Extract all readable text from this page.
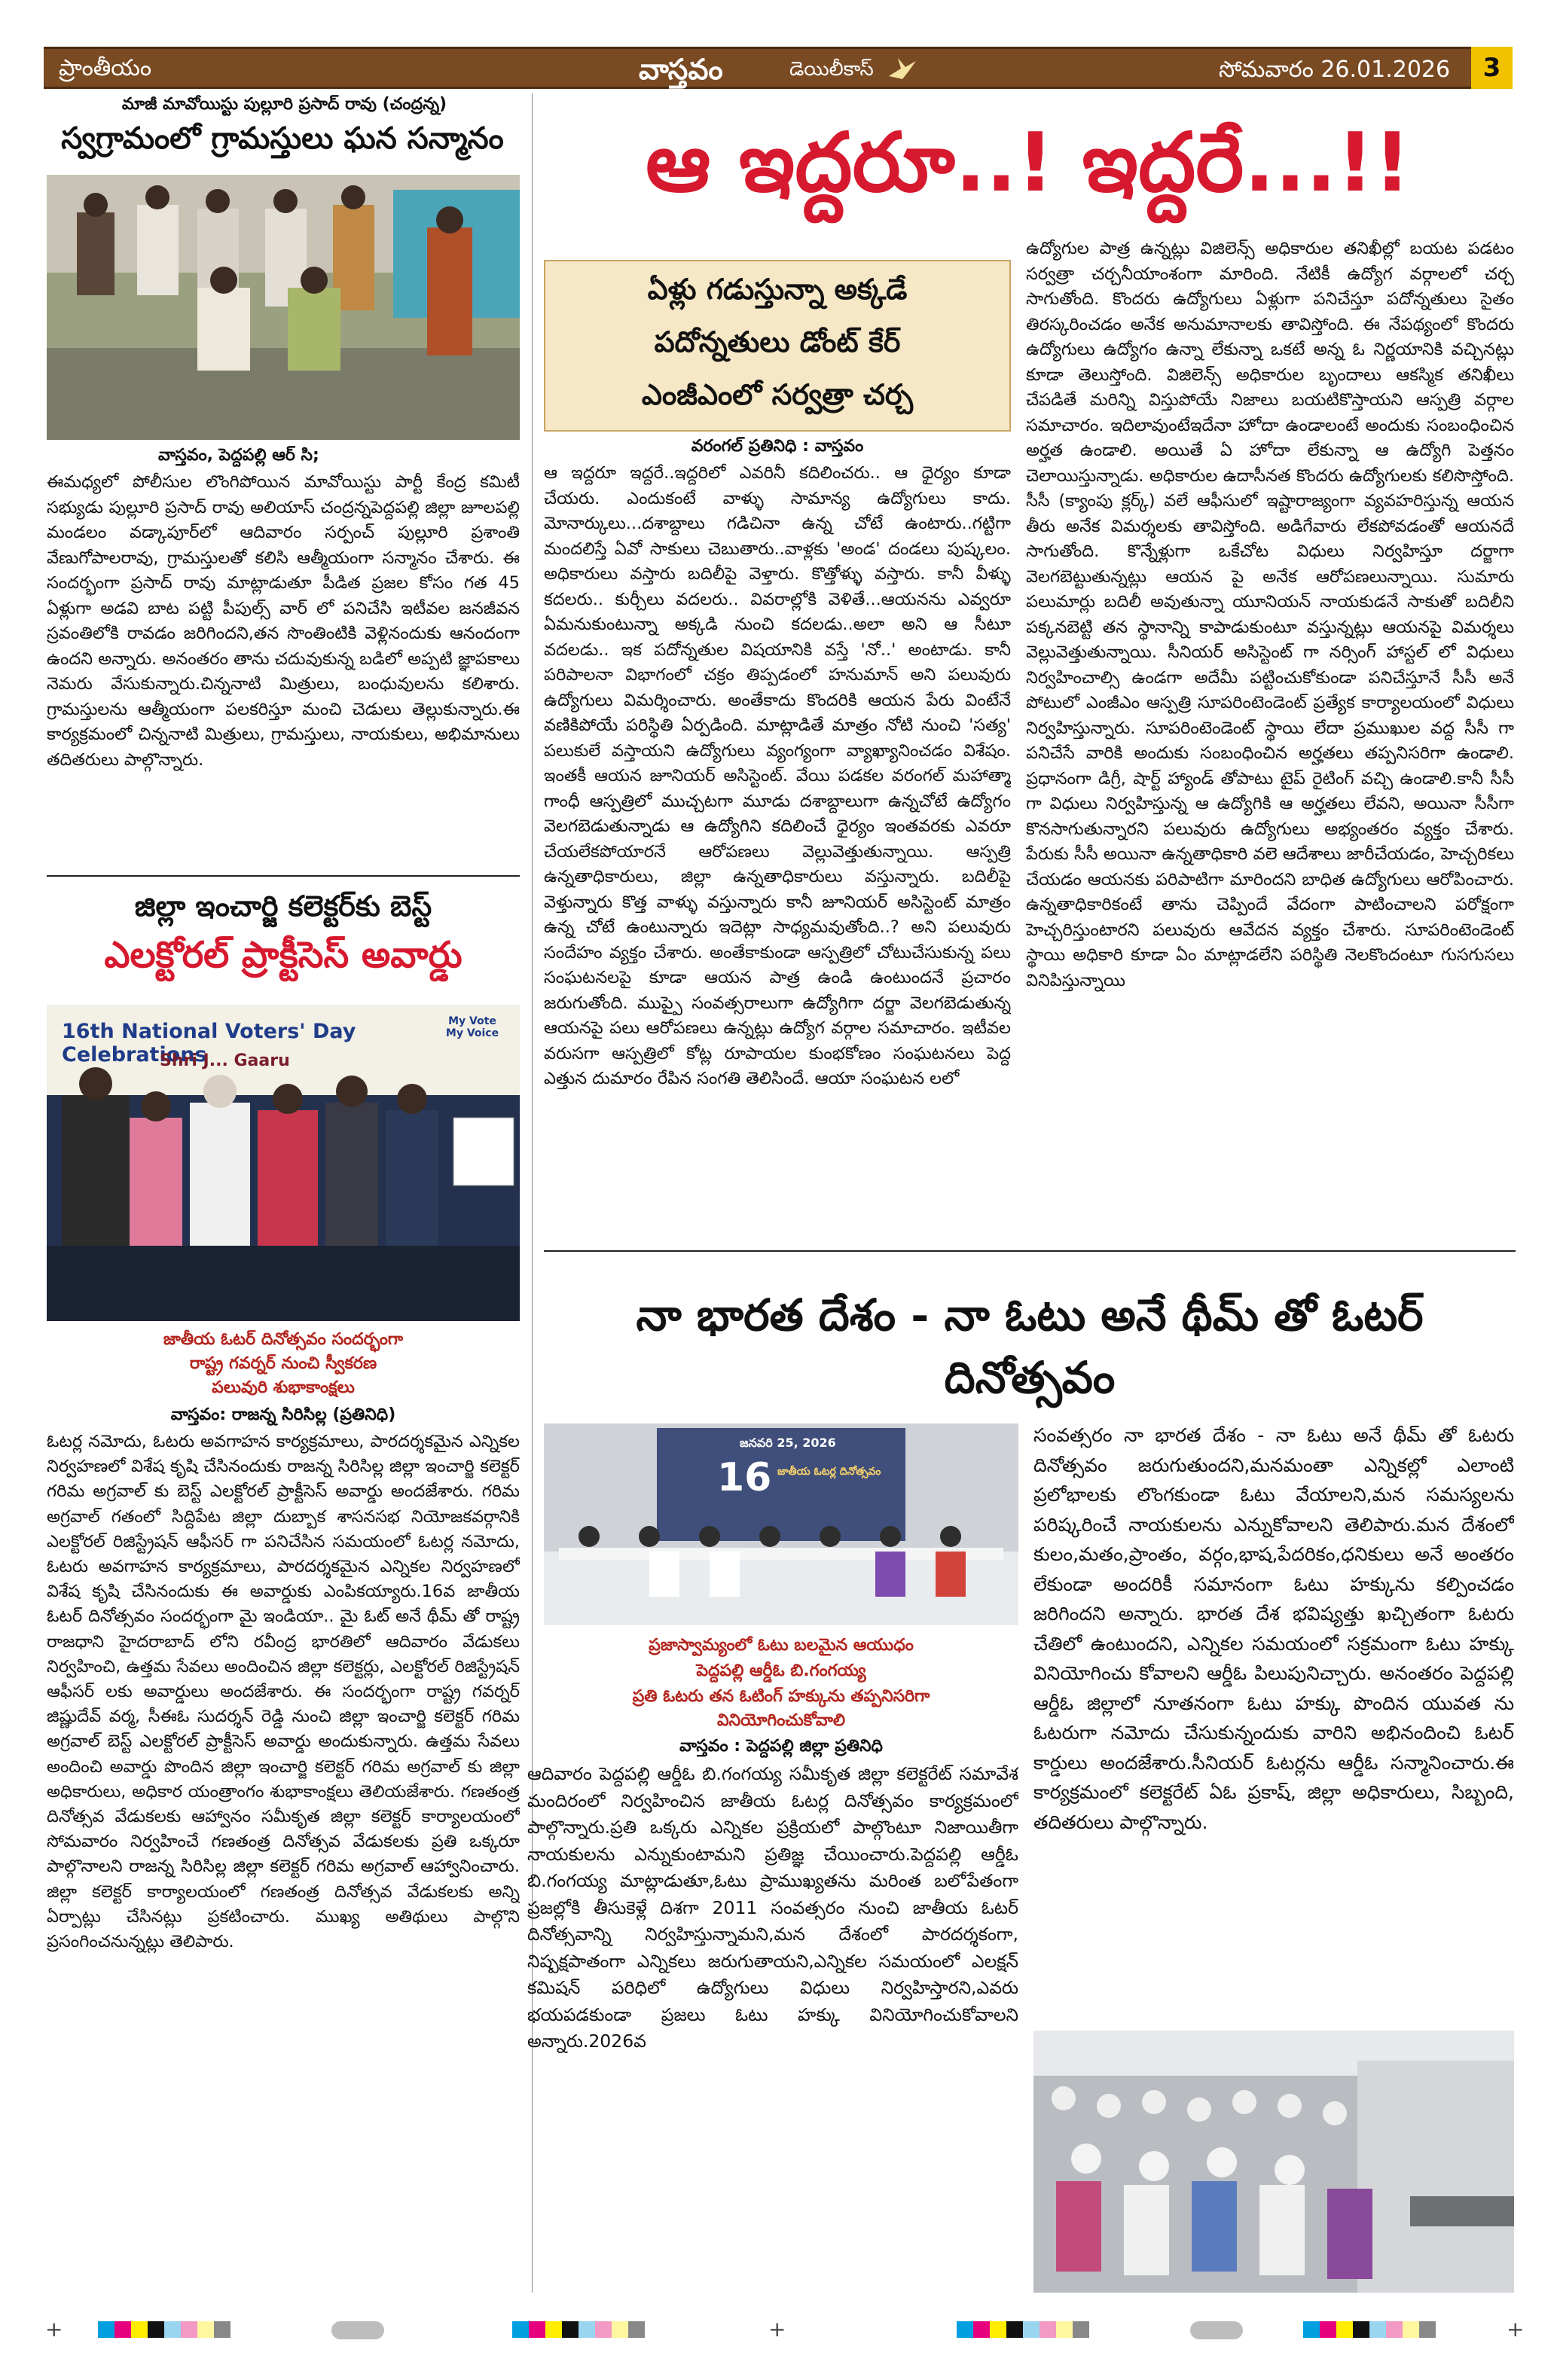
ప్రాంతీయం	వాస్తవం	డెయిలీకాస్	సోమవారం 26.01.2026	3
మాజీ మావోయిస్టు పుల్లూరి ప్రసాద్ రావు (చంద్రన్న)
స్వగ్రామంలో గ్రామస్తులు ఘన సన్మానం
వాస్తవం, పెద్దపల్లి ఆర్ సి;
ఈమధ్యలో పోలీసుల లొంగిపోయిన మావోయిస్టు పార్టీ కేంద్ర కమిటీ సభ్యుడు పుల్లూరి ప్రసాద్ రావు అలియాస్ చంద్రన్నపెద్దపల్లి జిల్లా జూలపల్లి మండలం వడ్కాపూర్‌లో ఆదివారం సర్పంచ్ పుల్లూరి ప్రశాంతి వేణుగోపాలరావు, గ్రామస్తులతో కలిసి ఆత్మీయంగా సన్మానం చేశారు. ఈ సందర్భంగా ప్రసాద్ రావు మాట్లాడుతూ పీడిత ప్రజల కోసం గత 45 ఏళ్లుగా అడవి బాట పట్టి పీపుల్స్ వార్ లో పనిచేసి ఇటీవల జనజీవన స్రవంతిలోకి రావడం జరిగిందని,తన సొంతింటికి వెళ్లినందుకు ఆనందంగా ఉందని అన్నారు. అనంతరం తాను చదువుకున్న బడిలో అప్పటి జ్ఞాపకాలు నెమరు వేసుకున్నారు.చిన్ననాటి మిత్రులు, బంధువులను కలిశారు. గ్రామస్తులను ఆత్మీయంగా పలకరిస్తూ మంచి చెడులు తెల్లుకున్నారు.ఈ కార్యక్రమంలో చిన్ననాటి మిత్రులు, గ్రామస్తులు, నాయకులు, అభిమానులు తదితరులు పాల్గొన్నారు.
జిల్లా ఇంచార్జి కలెక్టర్‌కు బెస్ట్
ఎలక్టోరల్ ప్రాక్టీసెస్ అవార్డు
16th National Voters' Day Celebrations
Shri J... Gaaru
My Vote My Voice
జాతీయ ఓటర్ దినోత్సవం సందర్భంగా
రాష్ట్ర గవర్నర్ నుంచి స్వీకరణ
పలువురి శుభాకాంక్షలు
వాస్తవం: రాజన్న సిరిసిల్ల (ప్రతినిధి)
ఓటర్ల నమోదు, ఓటరు అవగాహన కార్యక్రమాలు, పారదర్శకమైన ఎన్నికల నిర్వహణలో విశేష కృషి చేసినందుకు రాజన్న సిరిసిల్ల జిల్లా ఇంచార్జి కలెక్టర్ గరిమ అగ్రవాల్ కు బెస్ట్ ఎలక్టోరల్ ప్రాక్టీసెస్ అవార్డు అందజేశారు. గరిమ అగ్రవాల్ గతంలో సిద్దిపేట జిల్లా దుబ్బాక శాసనసభ నియోజకవర్గానికి ఎలక్టోరల్ రిజిస్ట్రేషన్ ఆఫీసర్ గా పనిచేసిన సమయంలో ఓటర్ల నమోదు, ఓటరు అవగాహన కార్యక్రమాలు, పారదర్శకమైన ఎన్నికల నిర్వహణలో విశేష కృషి చేసినందుకు ఈ అవార్డుకు ఎంపికయ్యారు.16వ జాతీయ ఓటర్ దినోత్సవం సందర్భంగా మై ఇండియా.. మై ఓట్ అనే థీమ్ తో రాష్ట్ర రాజధాని హైదరాబాద్ లోని రవీంద్ర భారతిలో ఆదివారం వేడుకలు నిర్వహించి, ఉత్తమ సేవలు అందించిన జిల్లా కలెక్టర్లు, ఎలక్టోరల్ రిజిస్ట్రేషన్ ఆఫీసర్ లకు అవార్డులు అందజేశారు. ఈ సందర్భంగా రాష్ట్ర గవర్నర్ జిష్ణుదేవ్ వర్మ, సీఈఓ సుదర్శన్ రెడ్డి నుంచి జిల్లా ఇంచార్జి కలెక్టర్ గరిమ అగ్రవాల్ బెస్ట్ ఎలక్టోరల్ ప్రాక్టీసెస్ అవార్డు అందుకున్నారు. ఉత్తమ సేవలు అందించి అవార్డు పొందిన జిల్లా ఇంచార్జి కలెక్టర్ గరిమ అగ్రవాల్ కు జిల్లా అధికారులు, అధికార యంత్రాంగం శుభాకాంక్షలు తెలియజేశారు. గణతంత్ర దినోత్సవ వేడుకలకు ఆహ్వానం సమీకృత జిల్లా కలెక్టర్ కార్యాలయంలో సోమవారం నిర్వహించే గణతంత్ర దినోత్సవ వేడుకలకు ప్రతి ఒక్కరూ పాల్గొనాలని రాజన్న సిరిసిల్ల జిల్లా కలెక్టర్ గరిమ అగ్రవాల్ ఆహ్వానించారు. జిల్లా కలెక్టర్ కార్యాలయంలో గణతంత్ర దినోత్సవ వేడుకలకు అన్ని ఏర్పాట్లు చేసినట్లు ప్రకటించారు. ముఖ్య అతిథులు పాల్గొని ప్రసంగించనున్నట్లు తెలిపారు.
ఆ ఇద్దరూ..! ఇద్దరే...!!
ఏళ్లు గడుస్తున్నా అక్కడే
పదోన్నతులు డోంట్ కేర్
ఎంజీఎంలో సర్వత్రా చర్చ
వరంగల్ ప్రతినిధి : వాస్తవం
ఆ ఇద్దరూ ఇద్దరే..ఇద్దరిలో ఎవరినీ కదిలించరు.. ఆ ధైర్యం కూడా చేయరు. ఎందుకంటే వాళ్ళు సామాన్య ఉద్యోగులు కాదు. మోనార్కులు...దశాబ్దాలు గడిచినా ఉన్న చోటే ఉంటారు..గట్టిగా మందలిస్తే ఏవో సాకులు చెబుతారు..వాళ్లకు 'అండ' దండలు పుష్కలం. అధికారులు వస్తారు బదిలీపై వెళ్తారు. కొత్తోళ్ళు వస్తారు. కానీ వీళ్ళు కదలరు.. కుర్చీలు వదలరు.. వివరాల్లోకి వెళితే...ఆయనను ఎవ్వరూ ఏమనుకుంటున్నా అక్కడి నుంచి కదలడు..అలా అని ఆ సీటూ వదలడు.. ఇక పదోన్నతుల విషయానికి వస్తే 'నో..' అంటాడు. కానీ పరిపాలనా విభాగంలో చక్రం తిప్పడంలో హనుమాన్ అని పలువురు ఉద్యోగులు విమర్శించారు. అంతేకాదు కొందరికి ఆయన పేరు వింటేనే వణికిపోయే పరిస్థితి ఏర్పడింది. మాట్లాడితే మాత్రం నోటి నుంచి 'సత్య' పలుకులే వస్తాయని ఉద్యోగులు వ్యంగ్యంగా వ్యాఖ్యానించడం విశేషం. ఇంతకీ ఆయన జూనియర్ అసిస్టెంట్. వేయి పడకల వరంగల్ మహాత్మా గాంధీ ఆస్పత్రిలో ముచ్చటగా మూడు దశాబ్దాలుగా ఉన్నచోటే ఉద్యోగం వెలగబెడుతున్నాడు ఆ ఉద్యోగిని కదిలించే ధైర్యం ఇంతవరకు ఎవరూ చేయలేకపోయారనే ఆరోపణలు వెల్లువెత్తుతున్నాయి. ఆస్పత్రి ఉన్నతాధికారులు, జిల్లా ఉన్నతాధికారులు వస్తున్నారు. బదిలీపై వెళ్తున్నారు కొత్త వాళ్ళు వస్తున్నారు కానీ జూనియర్ అసిస్టెంట్ మాత్రం ఉన్న చోటే ఉంటున్నారు ఇదెట్లా సాధ్యమవుతోంది..? అని పలువురు సందేహం వ్యక్తం చేశారు. అంతేకాకుండా ఆస్పత్రిలో చోటుచేసుకున్న పలు సంఘటనలపై కూడా ఆయన పాత్ర ఉండి ఉంటుందనే ప్రచారం జరుగుతోంది. ముప్పై సంవత్సరాలుగా ఉద్యోగిగా దర్జా వెలగబెడుతున్న ఆయనపై పలు ఆరోపణలు ఉన్నట్లు ఉద్యోగ వర్గాల సమాచారం. ఇటీవల వరుసగా ఆస్పత్రిలో కోట్ల రూపాయల కుంభకోణం సంఘటనలు పెద్ద ఎత్తున దుమారం రేపిన సంగతి తెలిసిందే. ఆయా సంఘటన లలో
ఉద్యోగుల పాత్ర ఉన్నట్లు విజిలెన్స్ అధికారుల తనిఖీల్లో బయట పడటం సర్వత్రా చర్చనీయాంశంగా మారింది. నేటికీ ఉద్యోగ వర్గాలలో చర్చ సాగుతోంది. కొందరు ఉద్యోగులు ఏళ్లుగా పనిచేస్తూ పదోన్నతులు సైతం తిరస్కరించడం అనేక అనుమానాలకు తావిస్తోంది. ఈ నేపథ్యంలో కొందరు ఉద్యోగులు ఉద్యోగం ఉన్నా లేకున్నా ఒకటే అన్న ఓ నిర్ణయానికి వచ్చినట్లు కూడా తెలుస్తోంది. విజిలెన్స్ అధికారుల బృందాలు ఆకస్మిక తనిఖీలు చేపడితే మరిన్ని విస్తుపోయే నిజాలు బయటికొస్తాయని ఆస్పత్రి వర్గాల సమాచారం. ఇదిలావుంటేఇదేనా హోదా ఉండాలంటే అందుకు సంబంధించిన అర్హత ఉండాలి. అయితే ఏ హోదా లేకున్నా ఆ ఉద్యోగి పెత్తనం చెలాయిస్తున్నాడు. అధికారుల ఉదాసీనత కొందరు ఉద్యోగులకు కలిసొస్తోంది. సీసీ (క్యాంపు క్లర్క్) వలే ఆఫీసులో ఇష్టారాజ్యంగా వ్యవహరిస్తున్న ఆయన తీరు అనేక విమర్శలకు తావిస్తోంది. అడిగేవారు లేకపోవడంతో ఆయనదే సాగుతోంది. కొన్నేళ్లుగా ఒకేచోట విధులు నిర్వహిస్తూ దర్జాగా వెలగబెట్టుతున్నట్లు ఆయన పై అనేక ఆరోపణలున్నాయి. సుమారు పలుమార్లు బదిలీ అవుతున్నా యూనియన్ నాయకుడనే సాకుతో బదిలీని పక్కనబెట్టి తన స్థానాన్ని కాపాడుకుంటూ వస్తున్నట్లు ఆయనపై విమర్శలు వెల్లువెత్తుతున్నాయి. సీనియర్ అసిస్టెంట్ గా నర్సింగ్ హాస్టల్ లో విధులు నిర్వహించాల్సి ఉండగా అదేమీ పట్టించుకోకుండా పనిచేస్తూనే సీసీ అనే పోటులో ఎంజీఎం ఆస్పత్రి సూపరింటెండెంట్ ప్రత్యేక కార్యాలయంలో విధులు నిర్వహిస్తున్నారు. సూపరింటెండెంట్ స్థాయి లేదా ప్రముఖుల వద్ద సీసీ గా పనిచేసే వారికి అందుకు సంబంధించిన అర్హతలు తప్పనిసరిగా ఉండాలి. ప్రధానంగా డిగ్రీ, షార్ట్ హ్యాండ్ తోపాటు టైప్ రైటింగ్ వచ్చి ఉండాలి.కానీ సీసీ గా విధులు నిర్వహిస్తున్న ఆ ఉద్యోగికి ఆ అర్హతలు లేవని, అయినా సీసీగా కొనసాగుతున్నారని పలువురు ఉద్యోగులు అభ్యంతరం వ్యక్తం చేశారు. పేరుకు సీసీ అయినా ఉన్నతాధికారి వలె ఆదేశాలు జారీచేయడం, హెచ్చరికలు చేయడం ఆయనకు పరిపాటిగా మారిందని బాధిత ఉద్యోగులు ఆరోపించారు. ఉన్నతాధికారికంటే తాను చెప్పిందే వేదంగా పాటించాలని పరోక్షంగా హెచ్చరిస్తుంటారని పలువురు ఆవేదన వ్యక్తం చేశారు. సూపరింటెండెంట్ స్థాయి అధికారి కూడా ఏం మాట్లాడలేని పరిస్థితి నెలకొందంటూ గుసగుసలు వినిపిస్తున్నాయి
నా భారత దేశం - నా ఓటు అనే థీమ్ తో ఓటర్ దినోత్సవం
జనవరి 25, 2026
16 జాతీయ ఓటర్ల దినోత్సవం
ప్రజాస్వామ్యంలో ఓటు బలమైన ఆయుధం
పెద్దపల్లి ఆర్డీఓ బి.గంగయ్య
ప్రతి ఓటరు తన ఓటింగ్ హక్కును తప్పనిసరిగా
వినియోగించుకోవాలి
వాస్తవం : పెద్దపల్లి జిల్లా ప్రతినిధి
ఆదివారం పెద్దపల్లి ఆర్డీఓ బి.గంగయ్య సమీకృత జిల్లా కలెక్టరేట్ సమావేశ మందిరంలో నిర్వహించిన జాతీయ ఓటర్ల దినోత్సవం కార్యక్రమంలో పాల్గొన్నారు.ప్రతి ఒక్కరు ఎన్నికల ప్రక్రియలో పాల్గొంటూ నిజాయితీగా నాయకులను ఎన్నుకుంటామని ప్రతిజ్ఞ చేయించారు.పెద్దపల్లి ఆర్డీఓ బి.గంగయ్య మాట్లాడుతూ,ఓటు ప్రాముఖ్యతను మరింత బలోపేతంగా ప్రజల్లోకి తీసుకెళ్లే దిశగా 2011 సంవత్సరం నుంచి జాతీయ ఓటర్ దినోత్సవాన్ని నిర్వహిస్తున్నామని,మన దేశంలో పారదర్శకంగా, నిష్పక్షపాతంగా ఎన్నికలు జరుగుతాయని,ఎన్నికల సమయంలో ఎలక్షన్ కమిషన్ పరిధిలో ఉద్యోగులు విధులు నిర్వహిస్తారని,ఎవరు భయపడకుండా ప్రజలు ఓటు హక్కు వినియోగించుకోవాలని అన్నారు.2026వ
సంవత్సరం నా భారత దేశం - నా ఓటు అనే థీమ్ తో ఓటరు దినోత్సవం జరుగుతుందని,మనమంతా ఎన్నికల్లో ఎలాంటి ప్రలోభాలకు లొంగకుండా ఓటు వేయాలని,మన సమస్యలను పరిష్కరించే నాయకులను ఎన్నుకోవాలని తెలిపారు.మన దేశంలో కులం,మతం,ప్రాంతం, వర్గం,భాష,పేదరికం,ధనికులు అనే అంతరం లేకుండా అందరికీ సమానంగా ఓటు హక్కును కల్పించడం జరిగిందని అన్నారు. భారత దేశ భవిష్యత్తు ఖచ్చితంగా ఓటరు చేతిలో ఉంటుందని, ఎన్నికల సమయంలో సక్రమంగా ఓటు హక్కు వినియోగించు కోవాలని ఆర్డీఓ పిలుపునిచ్చారు. అనంతరం పెద్దపల్లి ఆర్డీఓ జిల్లాలో నూతనంగా ఓటు హక్కు పొందిన యువత ను ఓటరుగా నమోదు చేసుకున్నందుకు వారిని అభినందించి ఓటర్ కార్డులు అందజేశారు.సీనియర్ ఓటర్లను ఆర్డీఓ సన్మానించారు.ఈ కార్యక్రమంలో కలెక్టరేట్ ఏఓ ప్రకాష్, జిల్లా అధికారులు, సిబ్బంది, తదితరులు పాల్గొన్నారు.
+	+	+
